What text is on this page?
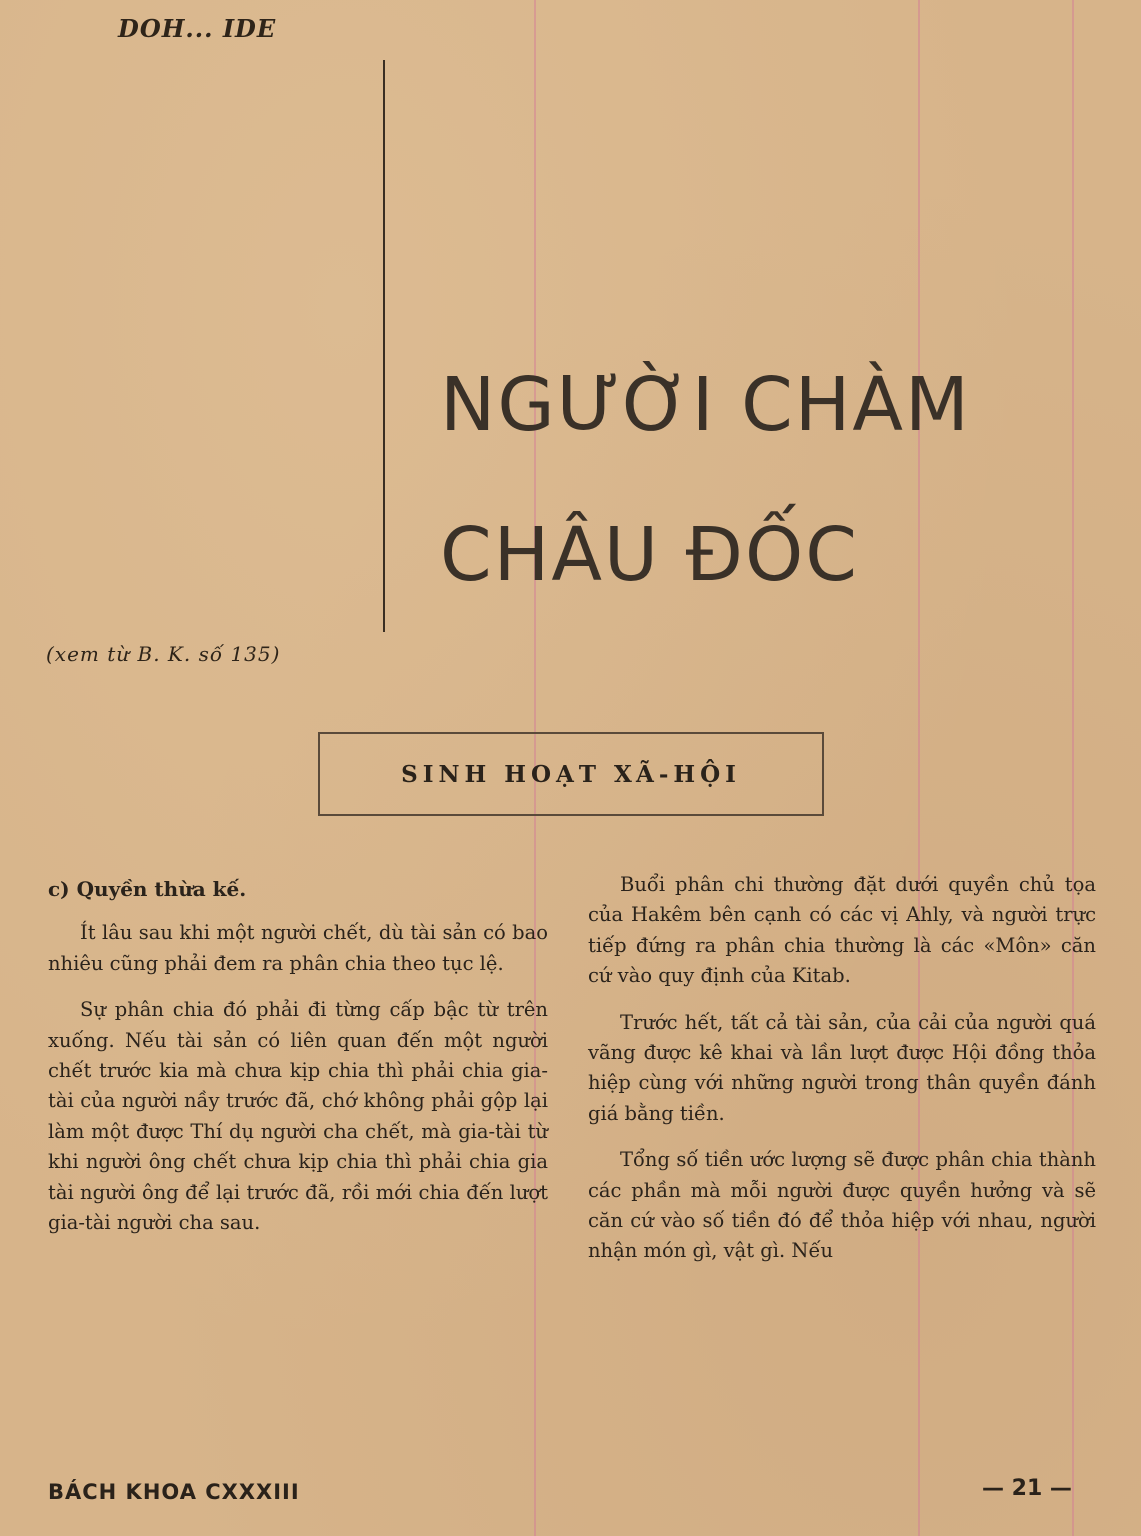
DOH... IDE
NGƯỜI CHÀM
CHÂU ĐỐC
(xem từ B. K. số 135)
SINH HOẠT XÃ-HỘI
c) Quyền thừa kế.

Ít lâu sau khi một người chết, dù tài sản có bao nhiêu cũng phải đem ra phân chia theo tục lệ.

Sự phân chia đó phải đi từng cấp bậc từ trên xuống. Nếu tài sản có liên quan đến một người chết trước kia mà chưa kịp chia thì phải chia gia-tài của người nầy trước đã, chớ không phải gộp lại làm một được Thí dụ người cha chết, mà gia-tài từ khi người ông chết chưa kịp chia thì phải chia gia tài người ông để lại trước đã, rồi mới chia đến lượt gia-tài người cha sau.

Buổi phân chi thường đặt dưới quyền chủ tọa của Hakêm bên cạnh có các vị Ahly, và người trực tiếp đứng ra phân chia thường là các «Môn» căn cứ vào quy định của Kitab.

Trước hết, tất cả tài sản, của cải của người quá vãng được kê khai và lần lượt được Hội đồng thỏa hiệp cùng với những người trong thân quyền đánh giá bằng tiền.

Tổng số tiền ước lượng sẽ được phân chia thành các phần mà mỗi người được quyền hưởng và sẽ căn cứ vào số tiền đó để thỏa hiệp với nhau, người nhận món gì, vật gì. Nếu

BÁCH KHOA CXXXIII	— 21 —
